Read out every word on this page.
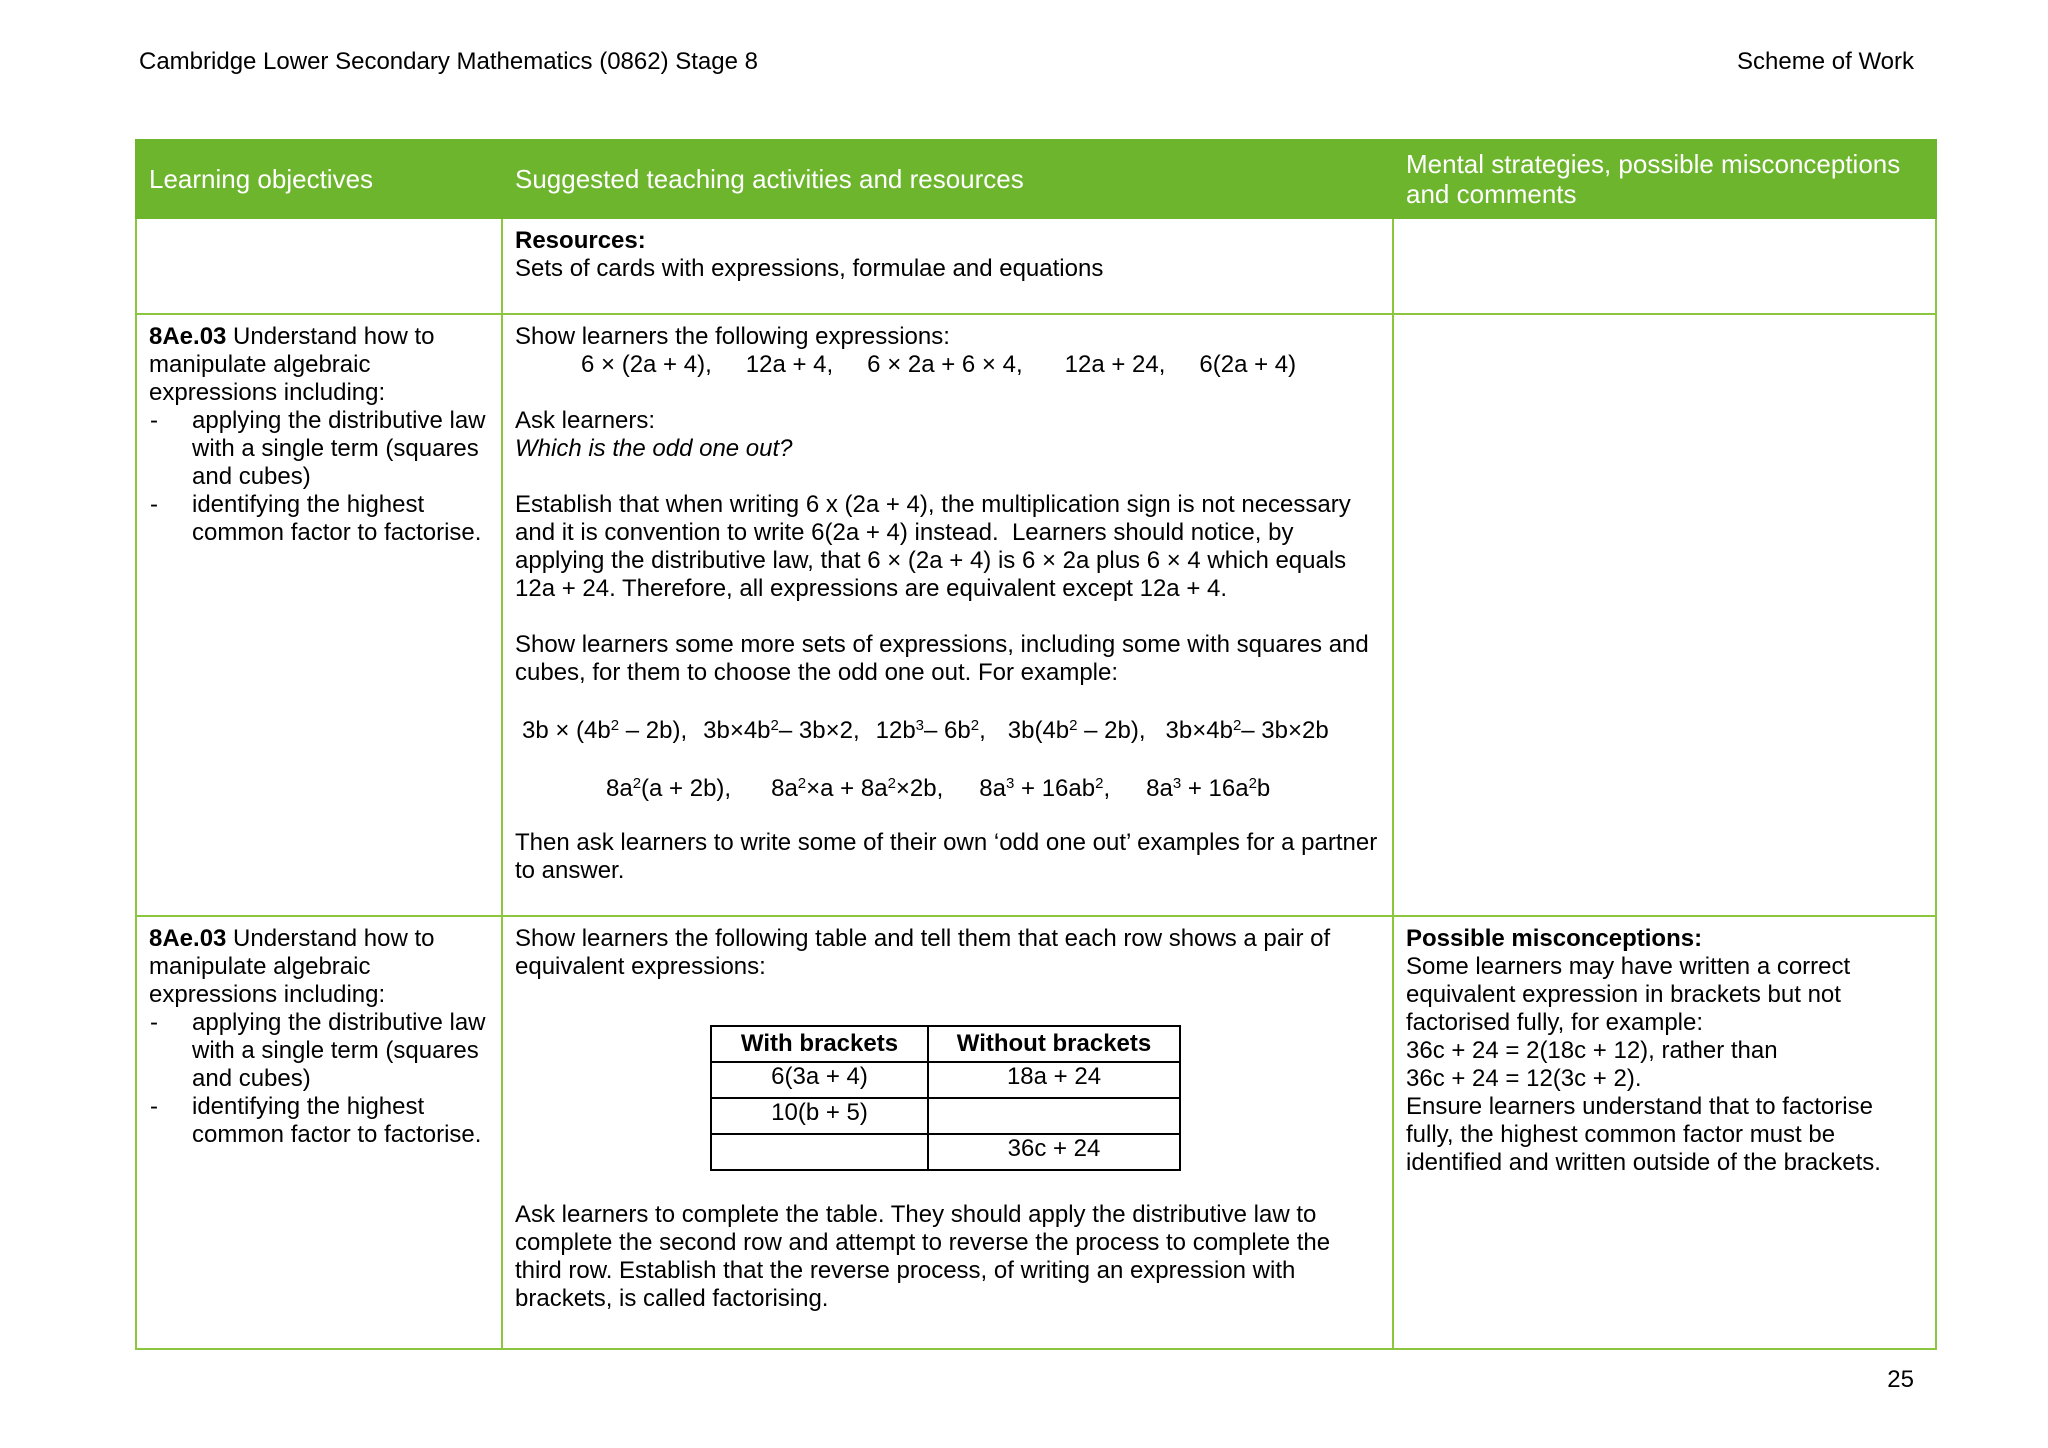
Cambridge Lower Secondary Mathematics (0862) Stage 8	Scheme of Work
Learning objectives	Suggested teaching activities and resources	Mental strategies, possible misconceptions and comments

Resources:

Sets of cards with expressions, formulae and equations

8Ae.03 Understand how to manipulate algebraic expressions including:

- applying the distributive law with a single term (squares and cubes)
- identifying the highest common factor to factorise.

Show learners the following expressions:

6 × (2a + 4), 12a + 4, 6 × 2a + 6 × 4, 12a + 24, 6(2a + 4)

Ask learners:

Which is the odd one out?

Establish that when writing 6 x (2a + 4), the multiplication sign is not necessary and it is convention to write 6(2a + 4) instead.  Learners should notice, by applying the distributive law, that 6 × (2a + 4) is 6 × 2a plus 6 × 4 which equals 12a + 24. Therefore, all expressions are equivalent except 12a + 4.

Show learners some more sets of expressions, including some with squares and cubes, for them to choose the odd one out. For example:

$3b \times (4b^2 - 2b)$, $3b\times 4b^2-$ 3b×2, $12b^3-$ $6b^2$, $3b(4b^2 - 2b)$, $3b\times 4b^2-$ 3b×2b

$8a^2(a + 2b)$, $8a^2\times a + 8a^2\times 2b$, $8a^3 + 16ab^2$, $8a^3 + 16a^2b$

Then ask learners to write some of their own ‘odd one out’ examples for a partner to answer.

8Ae.03 Understand how to manipulate algebraic expressions including:

- applying the distributive law with a single term (squares and cubes)
- identifying the highest common factor to factorise.

Show learners the following table and tell them that each row shows a pair of equivalent expressions:

With brackets	Without brackets
6(3a + 4)	18a + 24
10(b + 5)	
	36c + 24

Ask learners to complete the table. They should apply the distributive law to complete the second row and attempt to reverse the process to complete the third row. Establish that the reverse process, of writing an expression with brackets, is called factorising.

Possible misconceptions:

Some learners may have written a correct equivalent expression in brackets but not factorised fully, for example:

36c + 24 = 2(18c + 12), rather than

36c + 24 = 12(3c + 2).

Ensure learners understand that to factorise fully, the highest common factor must be identified and written outside of the brackets.

25
